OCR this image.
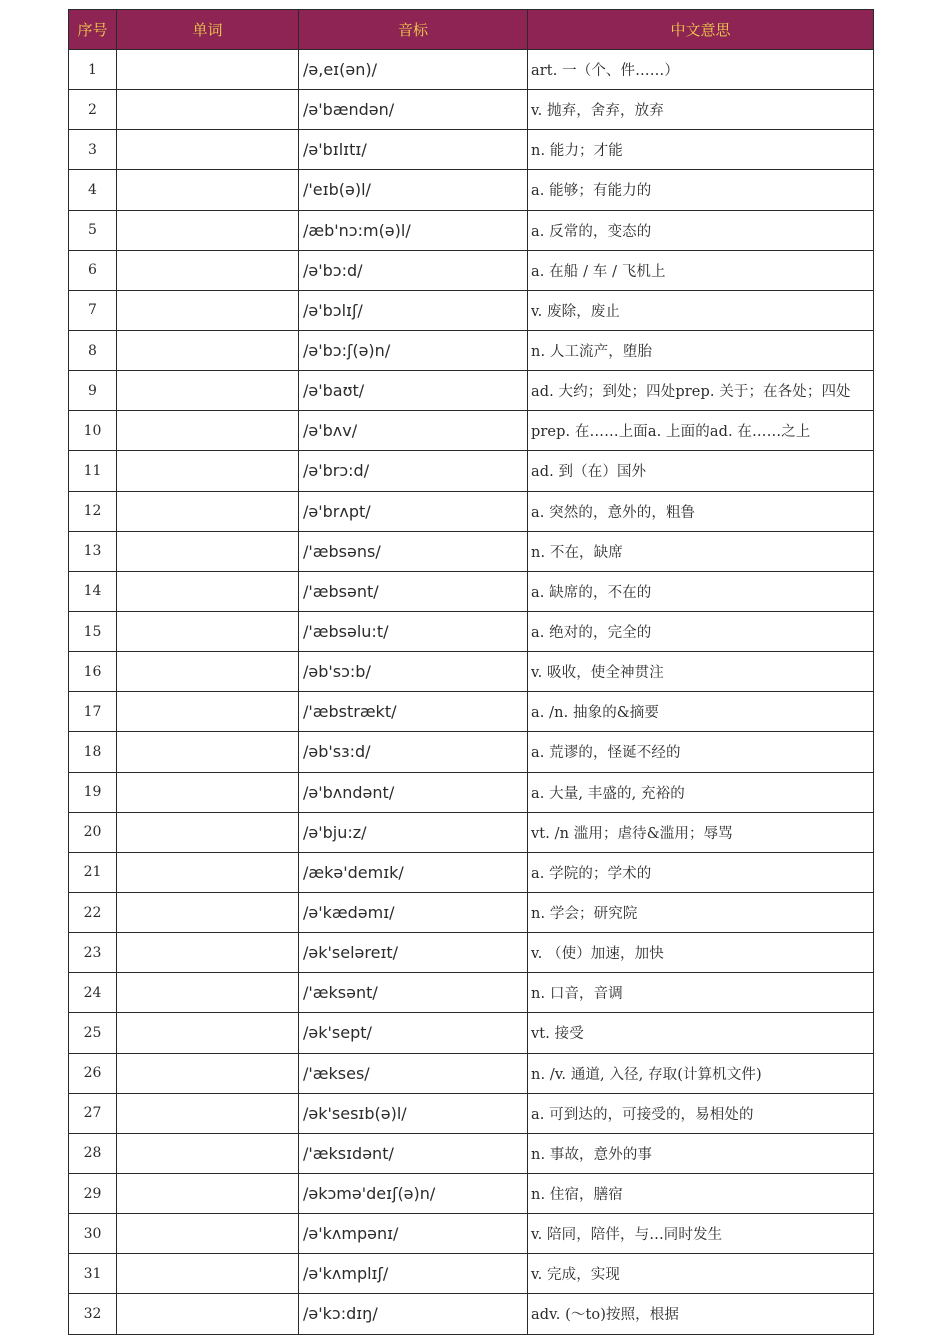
序号	单词	音标	中文意思
1		/ə,eɪ(ən)/	art. 一（个、件……）
2		/ə'bændən/	v. 抛弃，舍弃，放弃
3		/ə'bɪlɪtɪ/	n. 能力；才能
4		/'eɪb(ə)l/	a. 能够；有能力的
5		/æb'nɔ:m(ə)l/	a. 反常的，变态的
6		/ə'bɔ:d/	a. 在船 / 车 / 飞机上
7		/ə'bɔlɪʃ/	v. 废除，废止
8		/ə'bɔ:ʃ(ə)n/	n. 人工流产，堕胎
9		/ə'baʊt/	ad. 大约；到处；四处prep. 关于；在各处；四处
10		/ə'bʌv/	prep. 在……上面a. 上面的ad. 在……之上
11		/ə'brɔ:d/	ad. 到（在）国外
12		/ə'brʌpt/	a. 突然的，意外的，粗鲁
13		/'æbsəns/	n. 不在，缺席
14		/'æbsənt/	a. 缺席的，不在的
15		/'æbsəlu:t/	a. 绝对的，完全的
16		/əb'sɔ:b/	v. 吸收，使全神贯注
17		/'æbstrækt/	a. /n. 抽象的&摘要
18		/əb'sɜ:d/	a. 荒谬的，怪诞不经的
19		/ə'bʌndənt/	a. 大量, 丰盛的, 充裕的
20		/ə'bju:z/	vt. /n 滥用；虐待&滥用；辱骂
21		/ækə'demɪk/	a. 学院的；学术的
22		/ə'kædəmɪ/	n. 学会；研究院
23		/ək'seləreɪt/	v. （使）加速，加快
24		/'æksənt/	n. 口音，音调
25		/ək'sept/	vt. 接受
26		/'ækses/	n. /v. 通道, 入径, 存取(计算机文件)
27		/ək'sesɪb(ə)l/	a. 可到达的，可接受的，易相处的
28		/'æksɪdənt/	n. 事故，意外的事
29		/əkɔmə'deɪʃ(ə)n/	n. 住宿，膳宿
30		/ə'kʌmpənɪ/	v. 陪同，陪伴，与…同时发生
31		/ə'kʌmplɪʃ/	v. 完成，实现
32		/ə'kɔ:dɪŋ/	adv. (～to)按照，根据
